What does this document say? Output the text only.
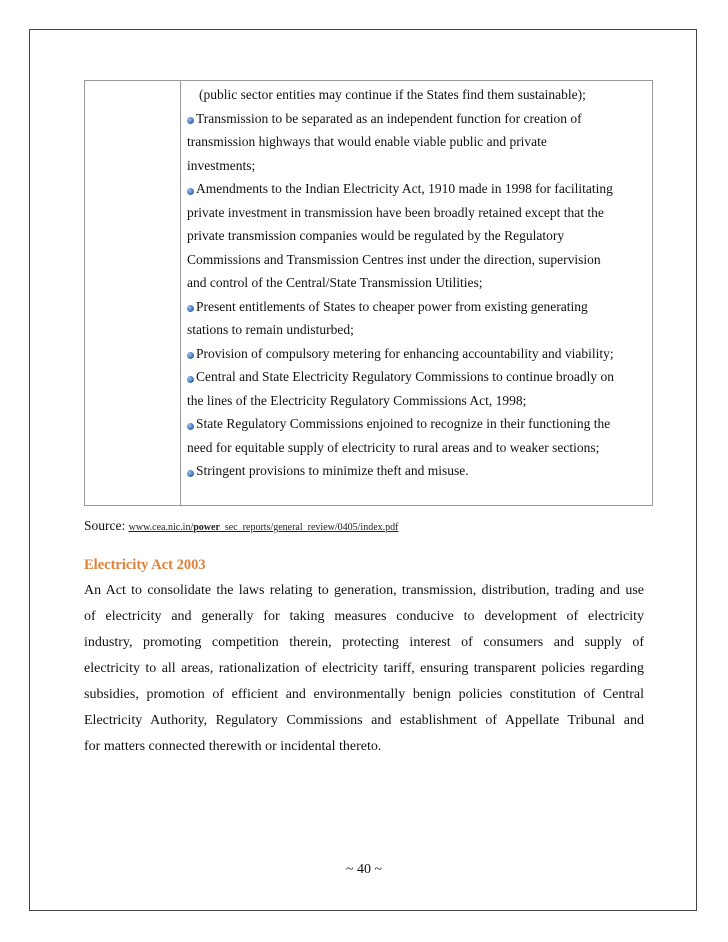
(public sector entities may continue if the States find them sustainable);

Transmission to be separated as an independent function for creation of

transmission highways that would enable viable public and private

investments;

Amendments to the Indian Electricity Act, 1910 made in 1998 for facilitating

private investment in transmission have been broadly retained except that the

private transmission companies would be regulated by the Regulatory

Commissions and Transmission Centres inst under the direction, supervision

and control of the Central/State Transmission Utilities;

Present entitlements of States to cheaper power from existing generating

stations to remain undisturbed;

Provision of compulsory metering for enhancing accountability and viability;

Central and State Electricity Regulatory Commissions to continue broadly on

the lines of the Electricity Regulatory Commissions Act, 1998;

State Regulatory Commissions enjoined to recognize in their functioning the

need for equitable supply of electricity to rural areas and to weaker sections;

Stringent provisions to minimize theft and misuse.

Source: www.cea.nic.in/power_sec_reports/general_review/0405/index.pdf
Electricity Act 2003

An Act to consolidate the laws relating to generation, transmission, distribution, trading and use
of electricity and generally for taking measures conducive to development of electricity
industry, promoting competition therein, protecting interest of consumers and supply of
electricity to all areas, rationalization of electricity tariff, ensuring transparent policies regarding
subsidies, promotion of efficient and environmentally benign policies constitution of Central
Electricity Authority, Regulatory Commissions and establishment of Appellate Tribunal and
for matters connected therewith or incidental thereto.

~ 40 ~
